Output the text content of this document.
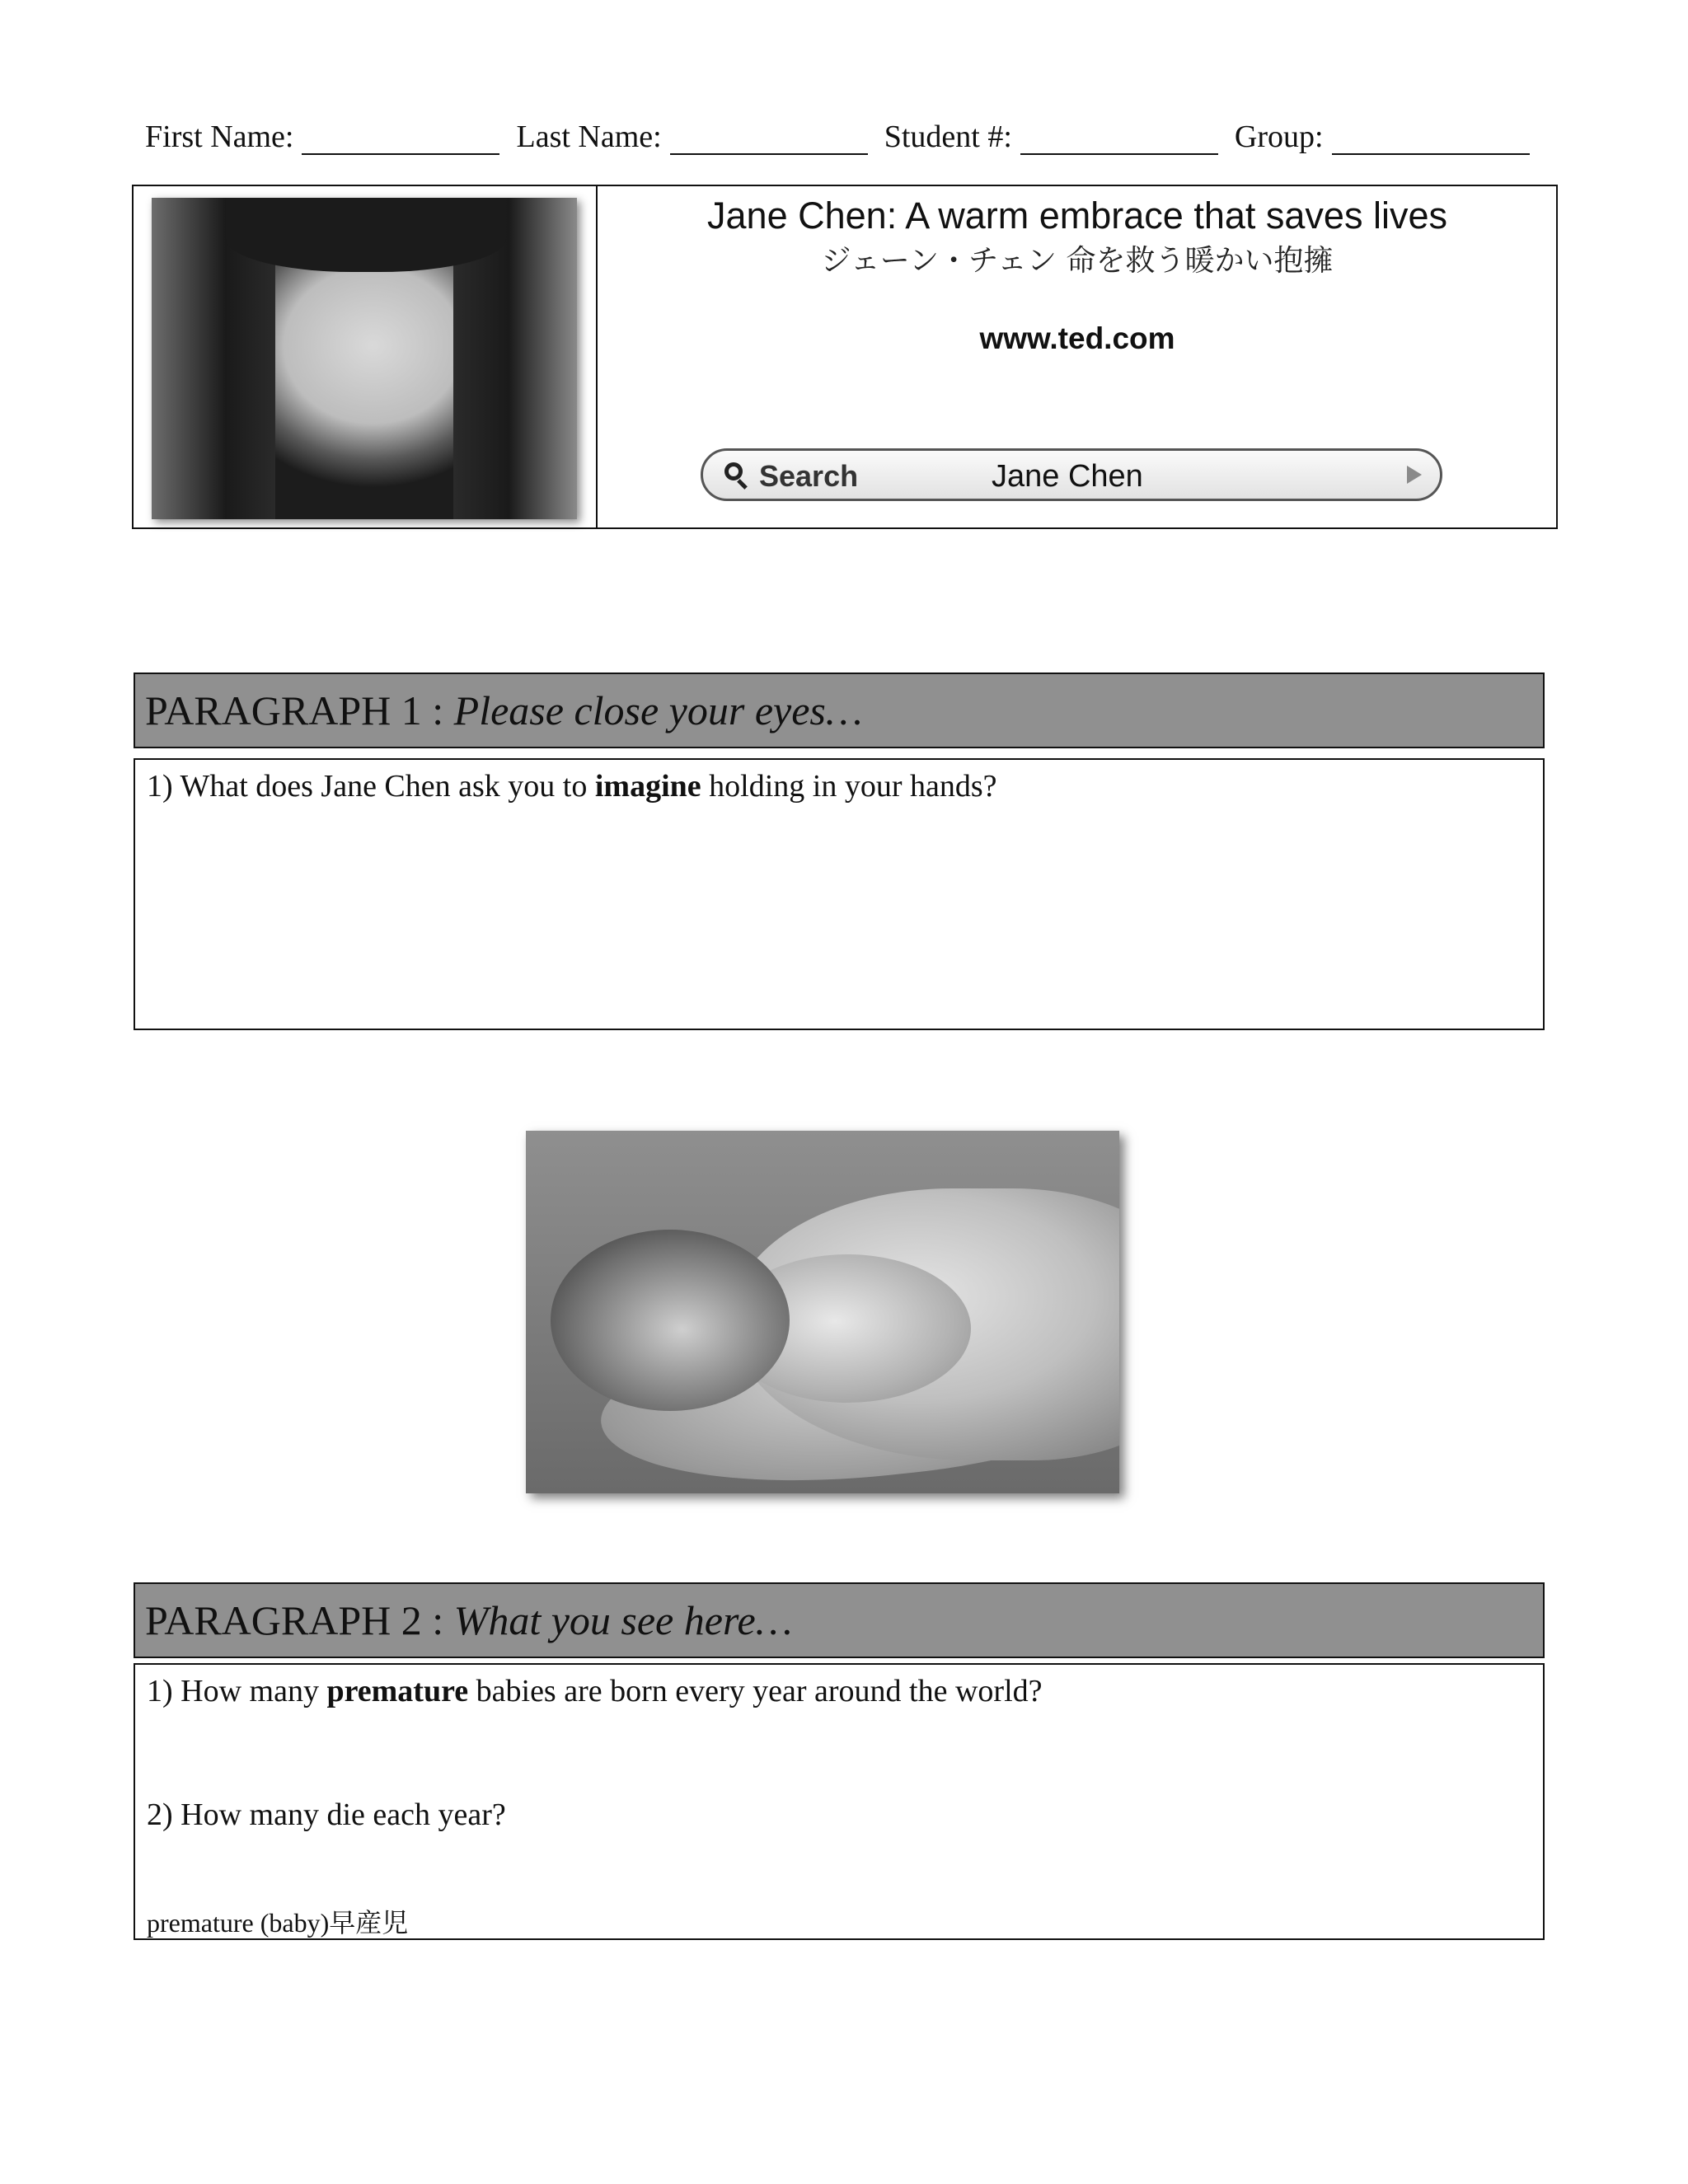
First Name:	Last Name:	Student #:	Group:
Jane Chen: A warm embrace that saves lives
ジェーン・チェン 命を救う暖かい抱擁
www.ted.com
Search	Jane Chen
PARAGRAPH 1 : Please close your eyes…
1) What does Jane Chen ask you to imagine holding in your hands?
PARAGRAPH 2 : What you see here…
1) How many premature babies are born every year around the world?
2) How many die each year?
premature (baby)早産児
